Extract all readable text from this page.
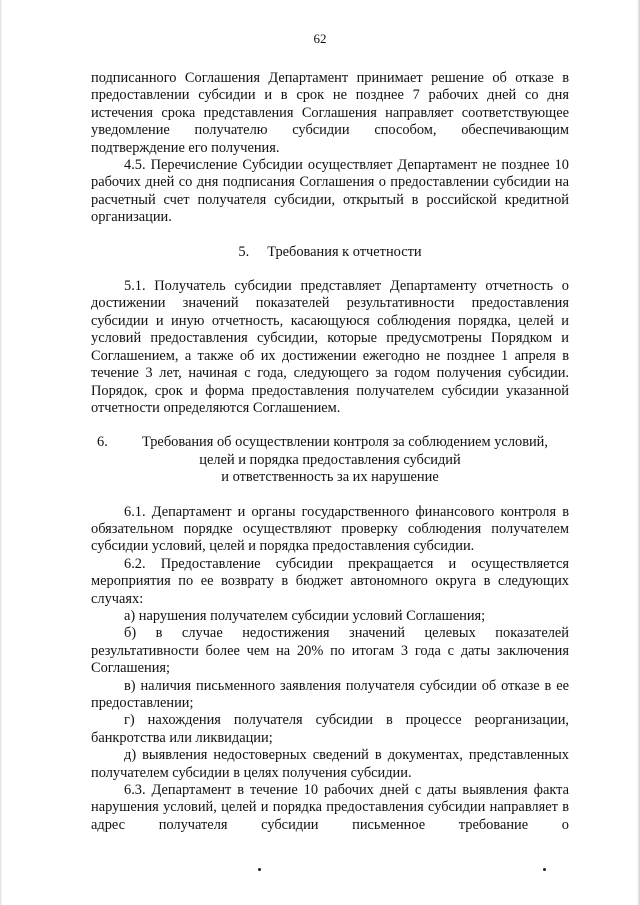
62

подписанного Соглашения Департамент принимает решение об отказе в предоставлении субсидии и в срок не позднее 7 рабочих дней со дня истечения срока представления Соглашения направляет соответствующее уведомление получателю субсидии способом, обеспечивающим подтверждение его получения.

4.5. Перечисление Субсидии осуществляет Департамент не позднее 10 рабочих дней со дня подписания Соглашения о предоставлении субсидии на расчетный счет получателя субсидии, открытый в российской кредитной организации.

5. Требования к отчетности

5.1. Получатель субсидии представляет Департаменту отчетность о достижении значений показателей результативности предоставления субсидии и иную отчетность, касающуюся соблюдения порядка, целей и условий предоставления субсидии, которые предусмотрены Порядком и Соглашением, а также об их достижении ежегодно не позднее 1 апреля в течение 3 лет, начиная с года, следующего за годом получения субсидии. Порядок, срок и форма предоставления получателем субсидии указанной отчетности определяются Соглашением.

6.	Требования об осуществлении контроля за соблюдением условий,

целей и порядка предоставления субсидий

и ответственность за их нарушение

6.1. Департамент и органы государственного финансового контроля в обязательном порядке осуществляют проверку соблюдения получателем субсидии условий, целей и порядка предоставления субсидии.

6.2. Предоставление субсидии прекращается и осуществляется мероприятия по ее возврату в бюджет автономного округа в следующих случаях:

а) нарушения получателем субсидии условий Соглашения;

б) в случае недостижения значений целевых показателей результативности более чем на 20% по итогам 3 года с даты заключения Соглашения;

в) наличия письменного заявления получателя субсидии об отказе в ее предоставлении;

г) нахождения получателя субсидии в процессе реорганизации, банкротства или ликвидации;

д) выявления недостоверных сведений в документах, представленных получателем субсидии в целях получения субсидии.

6.3. Департамент в течение 10 рабочих дней с даты выявления факта нарушения условий, целей и порядка предоставления субсидии направляет в адрес получателя субсидии письменное требование о
